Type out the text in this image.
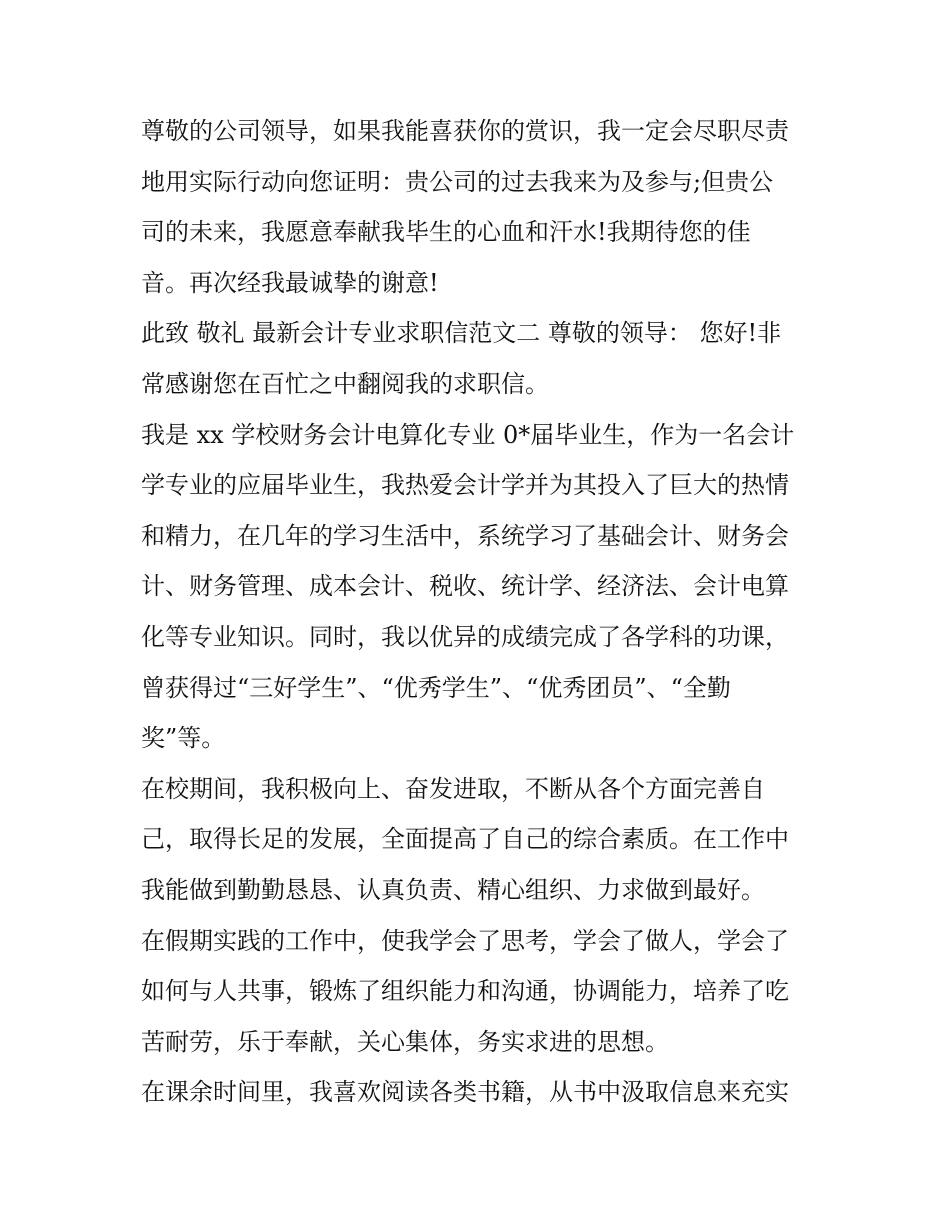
尊敬的公司领导，如果我能喜获你的赏识，我一定会尽职尽责
地用实际行动向您证明：贵公司的过去我来为及参与;但贵公
司的未来，我愿意奉献我毕生的心血和汗水!我期待您的佳
音。再次经我最诚挚的谢意!
此致 敬礼 最新会计专业求职信范文二 尊敬的领导： 您好!非
常感谢您在百忙之中翻阅我的求职信。
我是 xx 学校财务会计电算化专业 0*届毕业生，作为一名会计
学专业的应届毕业生，我热爱会计学并为其投入了巨大的热情
和精力，在几年的学习生活中，系统学习了基础会计、财务会
计、财务管理、成本会计、税收、统计学、经济法、会计电算
化等专业知识。同时，我以优异的成绩完成了各学科的功课，
曾获得过“三好学生”、“优秀学生”、“优秀团员”、“全勤
奖”等。
在校期间，我积极向上、奋发进取，不断从各个方面完善自
己，取得长足的发展，全面提高了自己的综合素质。在工作中
我能做到勤勤恳恳、认真负责、精心组织、力求做到最好。
在假期实践的工作中，使我学会了思考，学会了做人，学会了
如何与人共事，锻炼了组织能力和沟通，协调能力，培养了吃
苦耐劳，乐于奉献，关心集体，务实求进的思想。
在课余时间里，我喜欢阅读各类书籍，从书中汲取信息来充实
